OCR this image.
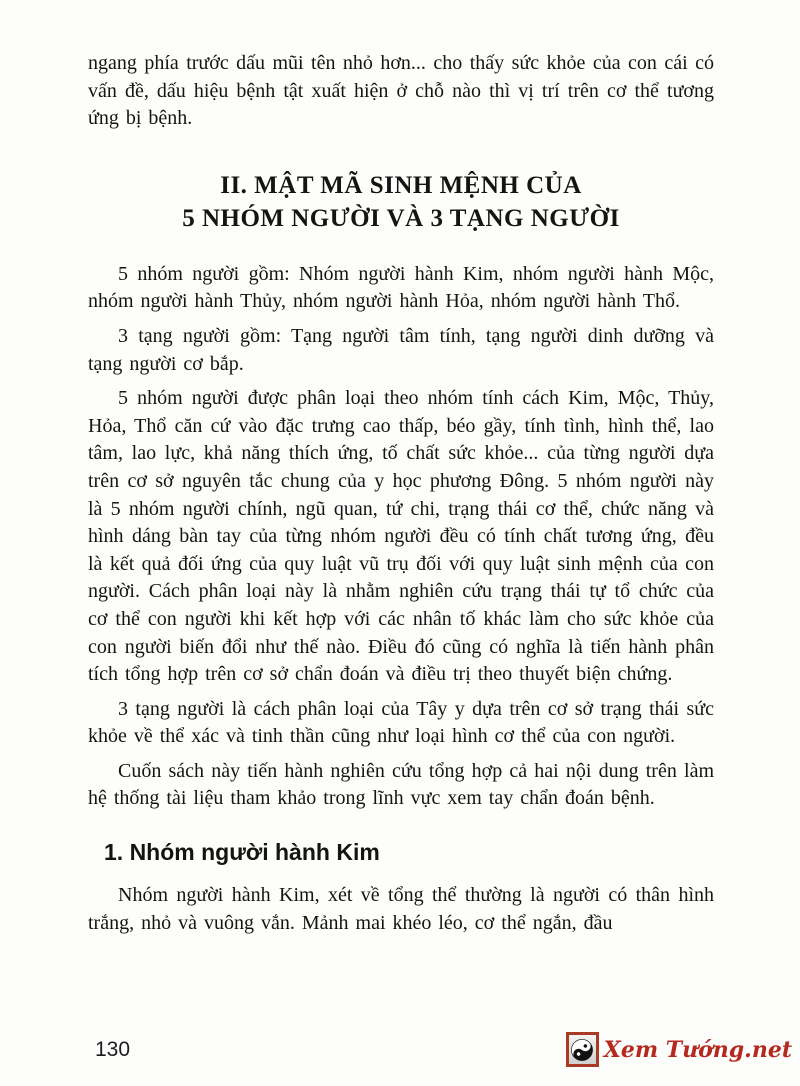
ngang phía trước dấu mũi tên nhỏ hơn... cho thấy sức khỏe của con cái có vấn đề, dấu hiệu bệnh tật xuất hiện ở chỗ nào thì vị trí trên cơ thể tương ứng bị bệnh.

II. MẬT MÃ SINH MỆNH CỦA
5 NHÓM NGƯỜI VÀ 3 TẠNG NGƯỜI

5 nhóm người gồm: Nhóm người hành Kim, nhóm người hành Mộc, nhóm người hành Thủy, nhóm người hành Hỏa, nhóm người hành Thổ.

3 tạng người gồm: Tạng người tâm tính, tạng người dinh dưỡng và tạng người cơ bắp.

5 nhóm người được phân loại theo nhóm tính cách Kim, Mộc, Thủy, Hỏa, Thổ căn cứ vào đặc trưng cao thấp, béo gầy, tính tình, hình thể, lao tâm, lao lực, khả năng thích ứng, tố chất sức khỏe... của từng người dựa trên cơ sở nguyên tắc chung của y học phương Đông. 5 nhóm người này là 5 nhóm người chính, ngũ quan, tứ chi, trạng thái cơ thể, chức năng và hình dáng bàn tay của từng nhóm người đều có tính chất tương ứng, đều là kết quả đối ứng của quy luật vũ trụ đối với quy luật sinh mệnh của con người. Cách phân loại này là nhằm nghiên cứu trạng thái tự tổ chức của cơ thể con người khi kết hợp với các nhân tố khác làm cho sức khỏe của con người biến đổi như thế nào. Điều đó cũng có nghĩa là tiến hành phân tích tổng hợp trên cơ sở chẩn đoán và điều trị theo thuyết biện chứng.

3 tạng người là cách phân loại của Tây y dựa trên cơ sở trạng thái sức khỏe về thể xác và tinh thần cũng như loại hình cơ thể của con người.

Cuốn sách này tiến hành nghiên cứu tổng hợp cả hai nội dung trên làm hệ thống tài liệu tham khảo trong lĩnh vực xem tay chẩn đoán bệnh.

1. Nhóm người hành Kim

Nhóm người hành Kim, xét về tổng thể thường là người có thân hình trắng, nhỏ và vuông vắn. Mảnh mai khéo léo, cơ thể ngắn, đầu

130	Xem Tướng.net
